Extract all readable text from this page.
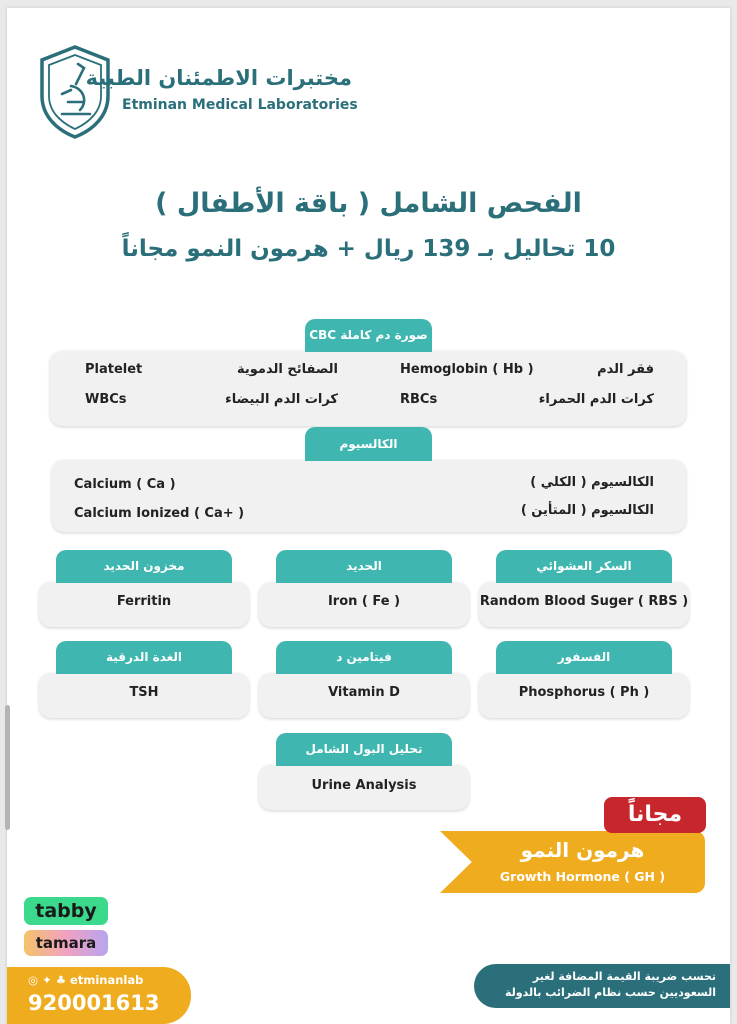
مختبرات الاطمئنان الطبية
Etminan Medical Laboratories
الفحص الشامل ( باقة الأطفال )
10 تحاليل بـ 139 ريال + هرمون النمو مجاناً
صورة دم كاملة CBC
فقر الدم
Hemoglobin ( Hb )
الصفائح الدموية
Platelet
كرات الدم الحمراء
RBCs
كرات الدم البيضاء
WBCs
الكالسيوم
الكالسيوم ( الكلي )
Calcium ( Ca )
الكالسيوم ( المتأين )
Calcium Ionized ( Ca+ )
السكر العشوائي
Random Blood Suger ( RBS )
الحديد
Iron ( Fe )
مخزون الحديد
Ferritin
الفسفور
Phosphorus ( Ph )
فيتامين د
Vitamin D
الغدة الدرقية
TSH
تحليل البول الشامل
Urine Analysis
هرمون النمو
Growth Hormone ( GH )
مجاناً
tabby
tamara
◎ ✦ ♣ etminanlab
920001613
تحسب ضريبة القيمة المضافة لغير
السعوديين حسب نظام الضرائب بالدولة
